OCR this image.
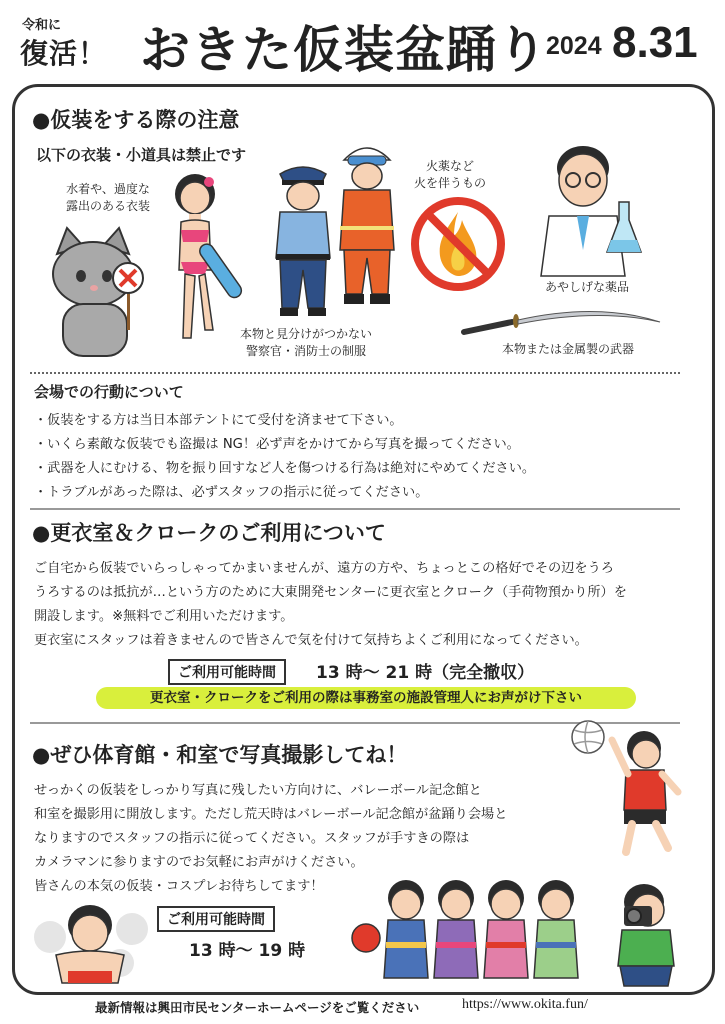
令和に
復活！ おきた仮装盆踊り
2024 8.31
●仮装をする際の注意
以下の衣装・小道具は禁止です
水着や、過度な
露出のある衣装
火薬など
火を伴うもの
本物と見分けがつかない
警察官・消防士の制服
あやしげな薬品
本物または金属製の武器
会場での行動について
・仮装をする方は当日本部テントにて受付を済ませて下さい。
・いくら素敵な仮装でも盗撮は NG！必ず声をかけてから写真を撮ってください。
・武器を人にむける、物を振り回すなど人を傷つける行為は絶対にやめてください。
・トラブルがあった際は、必ずスタッフの指示に従ってください。
●更衣室＆クロークのご利用について
ご自宅から仮装でいらっしゃってかまいませんが、遠方の方や、ちょっとこの格好でその辺をうろ
うろするのは抵抗が…という方のために大東開発センターに更衣室とクローク（手荷物預かり所）を
開設します。※無料でご利用いただけます。
更衣室にスタッフは着きませんので皆さんで気を付けて気持ちよくご利用になってください。
ご利用可能時間	13 時～ 21 時（完全撤収）
更衣室・クロークをご利用の際は事務室の施設管理人にお声がけ下さい
●ぜひ体育館・和室で写真撮影してね！
せっかくの仮装をしっかり写真に残したい方向けに、バレーボール記念館と
和室を撮影用に開放します。ただし荒天時はバレーボール記念館が盆踊り会場と
なりますのでスタッフの指示に従ってください。スタッフが手すきの際は
カメラマンに参りますのでお気軽にお声がけください。
皆さんの本気の仮装・コスプレお待ちしてます！
ご利用可能時間
13 時～ 19 時
最新情報は興田市民センターホームページをご覧ください	https://www.okita.fun/
